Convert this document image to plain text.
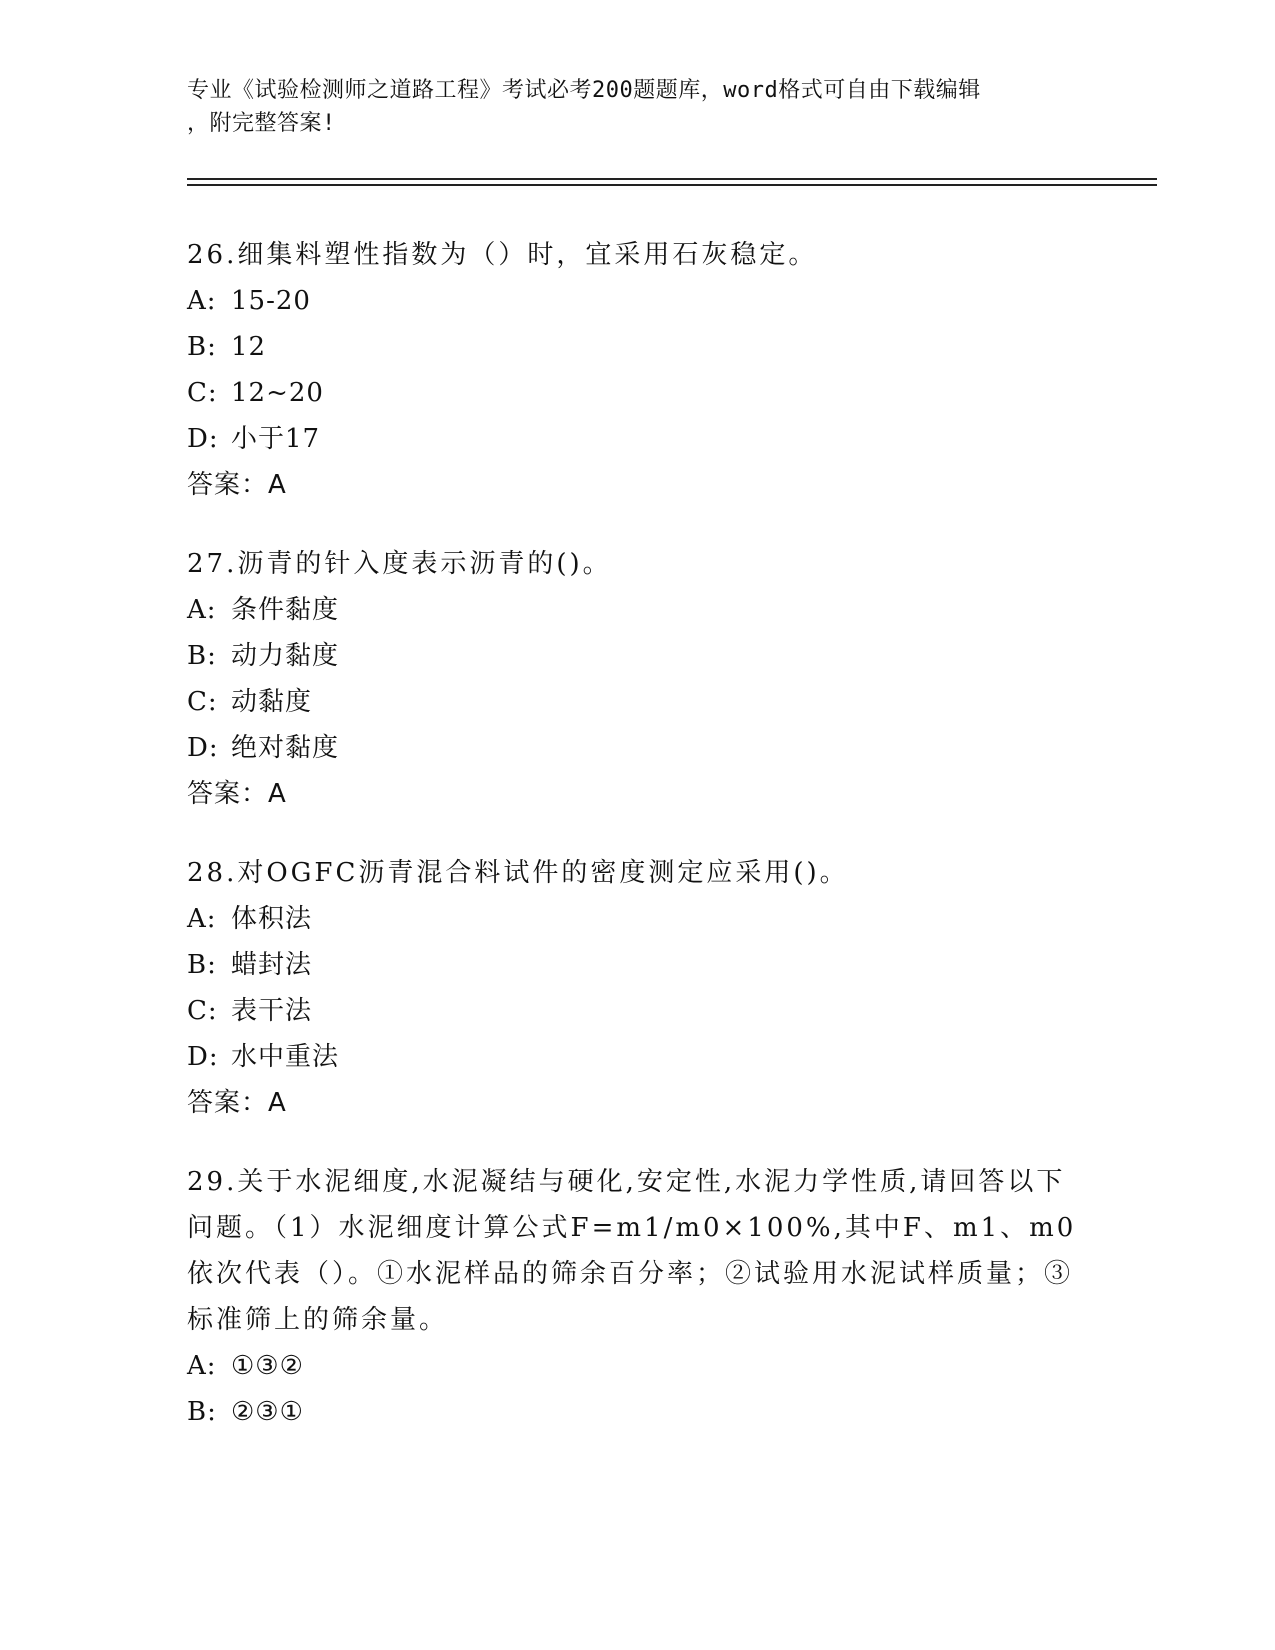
专业《试验检测师之道路工程》考试必考200题题库，word格式可自由下载编辑
，附完整答案!
26.细集料塑性指数为（）时，宜采用石灰稳定。
A: 15-20
B: 12
C: 12~20
D: 小于17
答案：A
27.沥青的针入度表示沥青的()。
A: 条件黏度
B: 动力黏度
C: 动黏度
D: 绝对黏度
答案：A
28.对OGFC沥青混合料试件的密度测定应采用()。
A: 体积法
B: 蜡封法
C: 表干法
D: 水中重法
答案：A
29.关于水泥细度,水泥凝结与硬化,安定性,水泥力学性质,请回答以下问题。（1）水泥细度计算公式F=m1/m0×100%,其中F、m1、m0依次代表（）。①水泥样品的筛余百分率；②试验用水泥试样质量；③标准筛上的筛余量。
A: ①③②
B: ②③①
